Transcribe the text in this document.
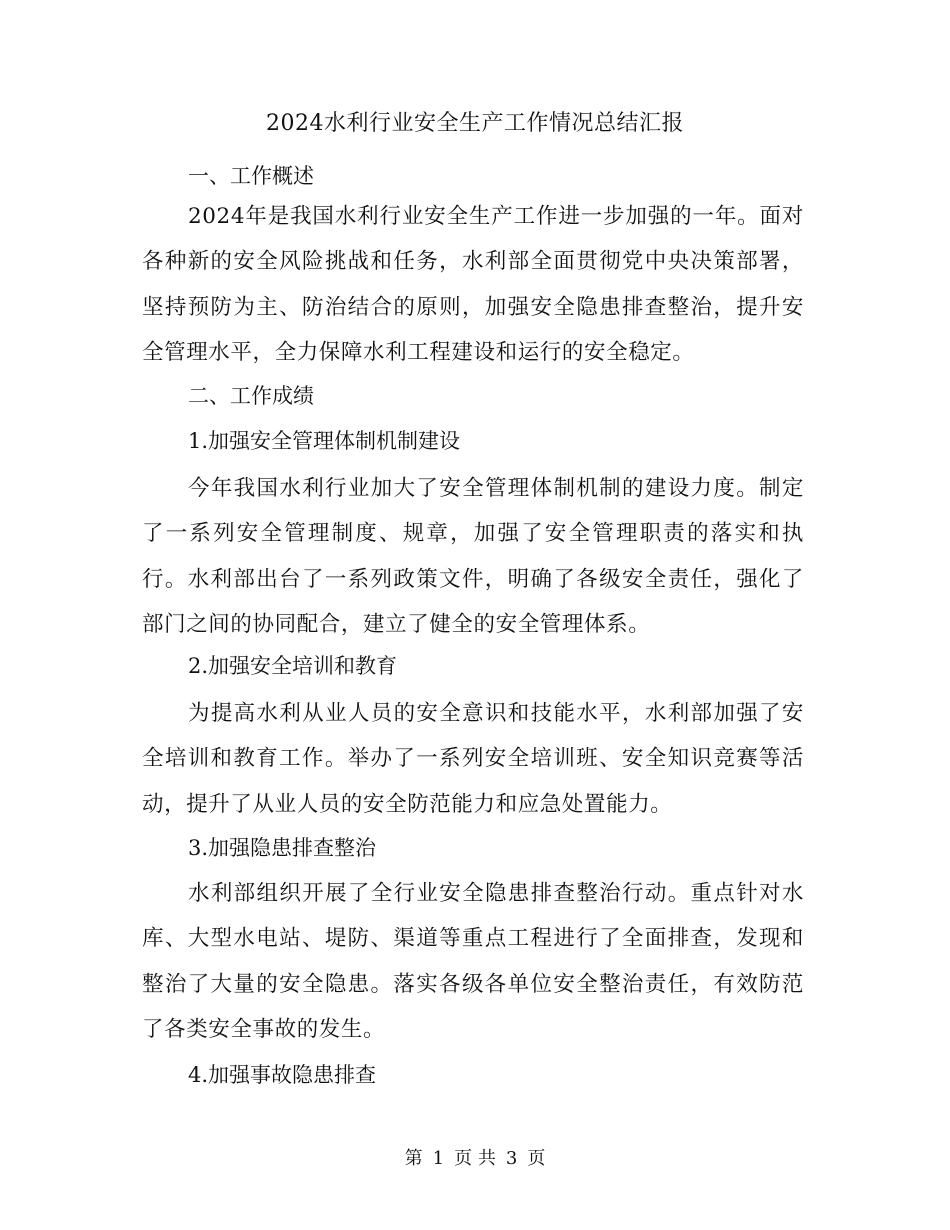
2024水利行业安全生产工作情况总结汇报
一、工作概述
2024年是我国水利行业安全生产工作进一步加强的一年。面对各种新的安全风险挑战和任务，水利部全面贯彻党中央决策部署，坚持预防为主、防治结合的原则，加强安全隐患排查整治，提升安全管理水平，全力保障水利工程建设和运行的安全稳定。
二、工作成绩
1.加强安全管理体制机制建设
今年我国水利行业加大了安全管理体制机制的建设力度。制定了一系列安全管理制度、规章，加强了安全管理职责的落实和执行。水利部出台了一系列政策文件，明确了各级安全责任，强化了部门之间的协同配合，建立了健全的安全管理体系。
2.加强安全培训和教育
为提高水利从业人员的安全意识和技能水平，水利部加强了安全培训和教育工作。举办了一系列安全培训班、安全知识竞赛等活动，提升了从业人员的安全防范能力和应急处置能力。
3.加强隐患排查整治
水利部组织开展了全行业安全隐患排查整治行动。重点针对水库、大型水电站、堤防、渠道等重点工程进行了全面排查，发现和整治了大量的安全隐患。落实各级各单位安全整治责任，有效防范了各类安全事故的发生。
4.加强事故隐患排查
第 1 页 共 3 页
